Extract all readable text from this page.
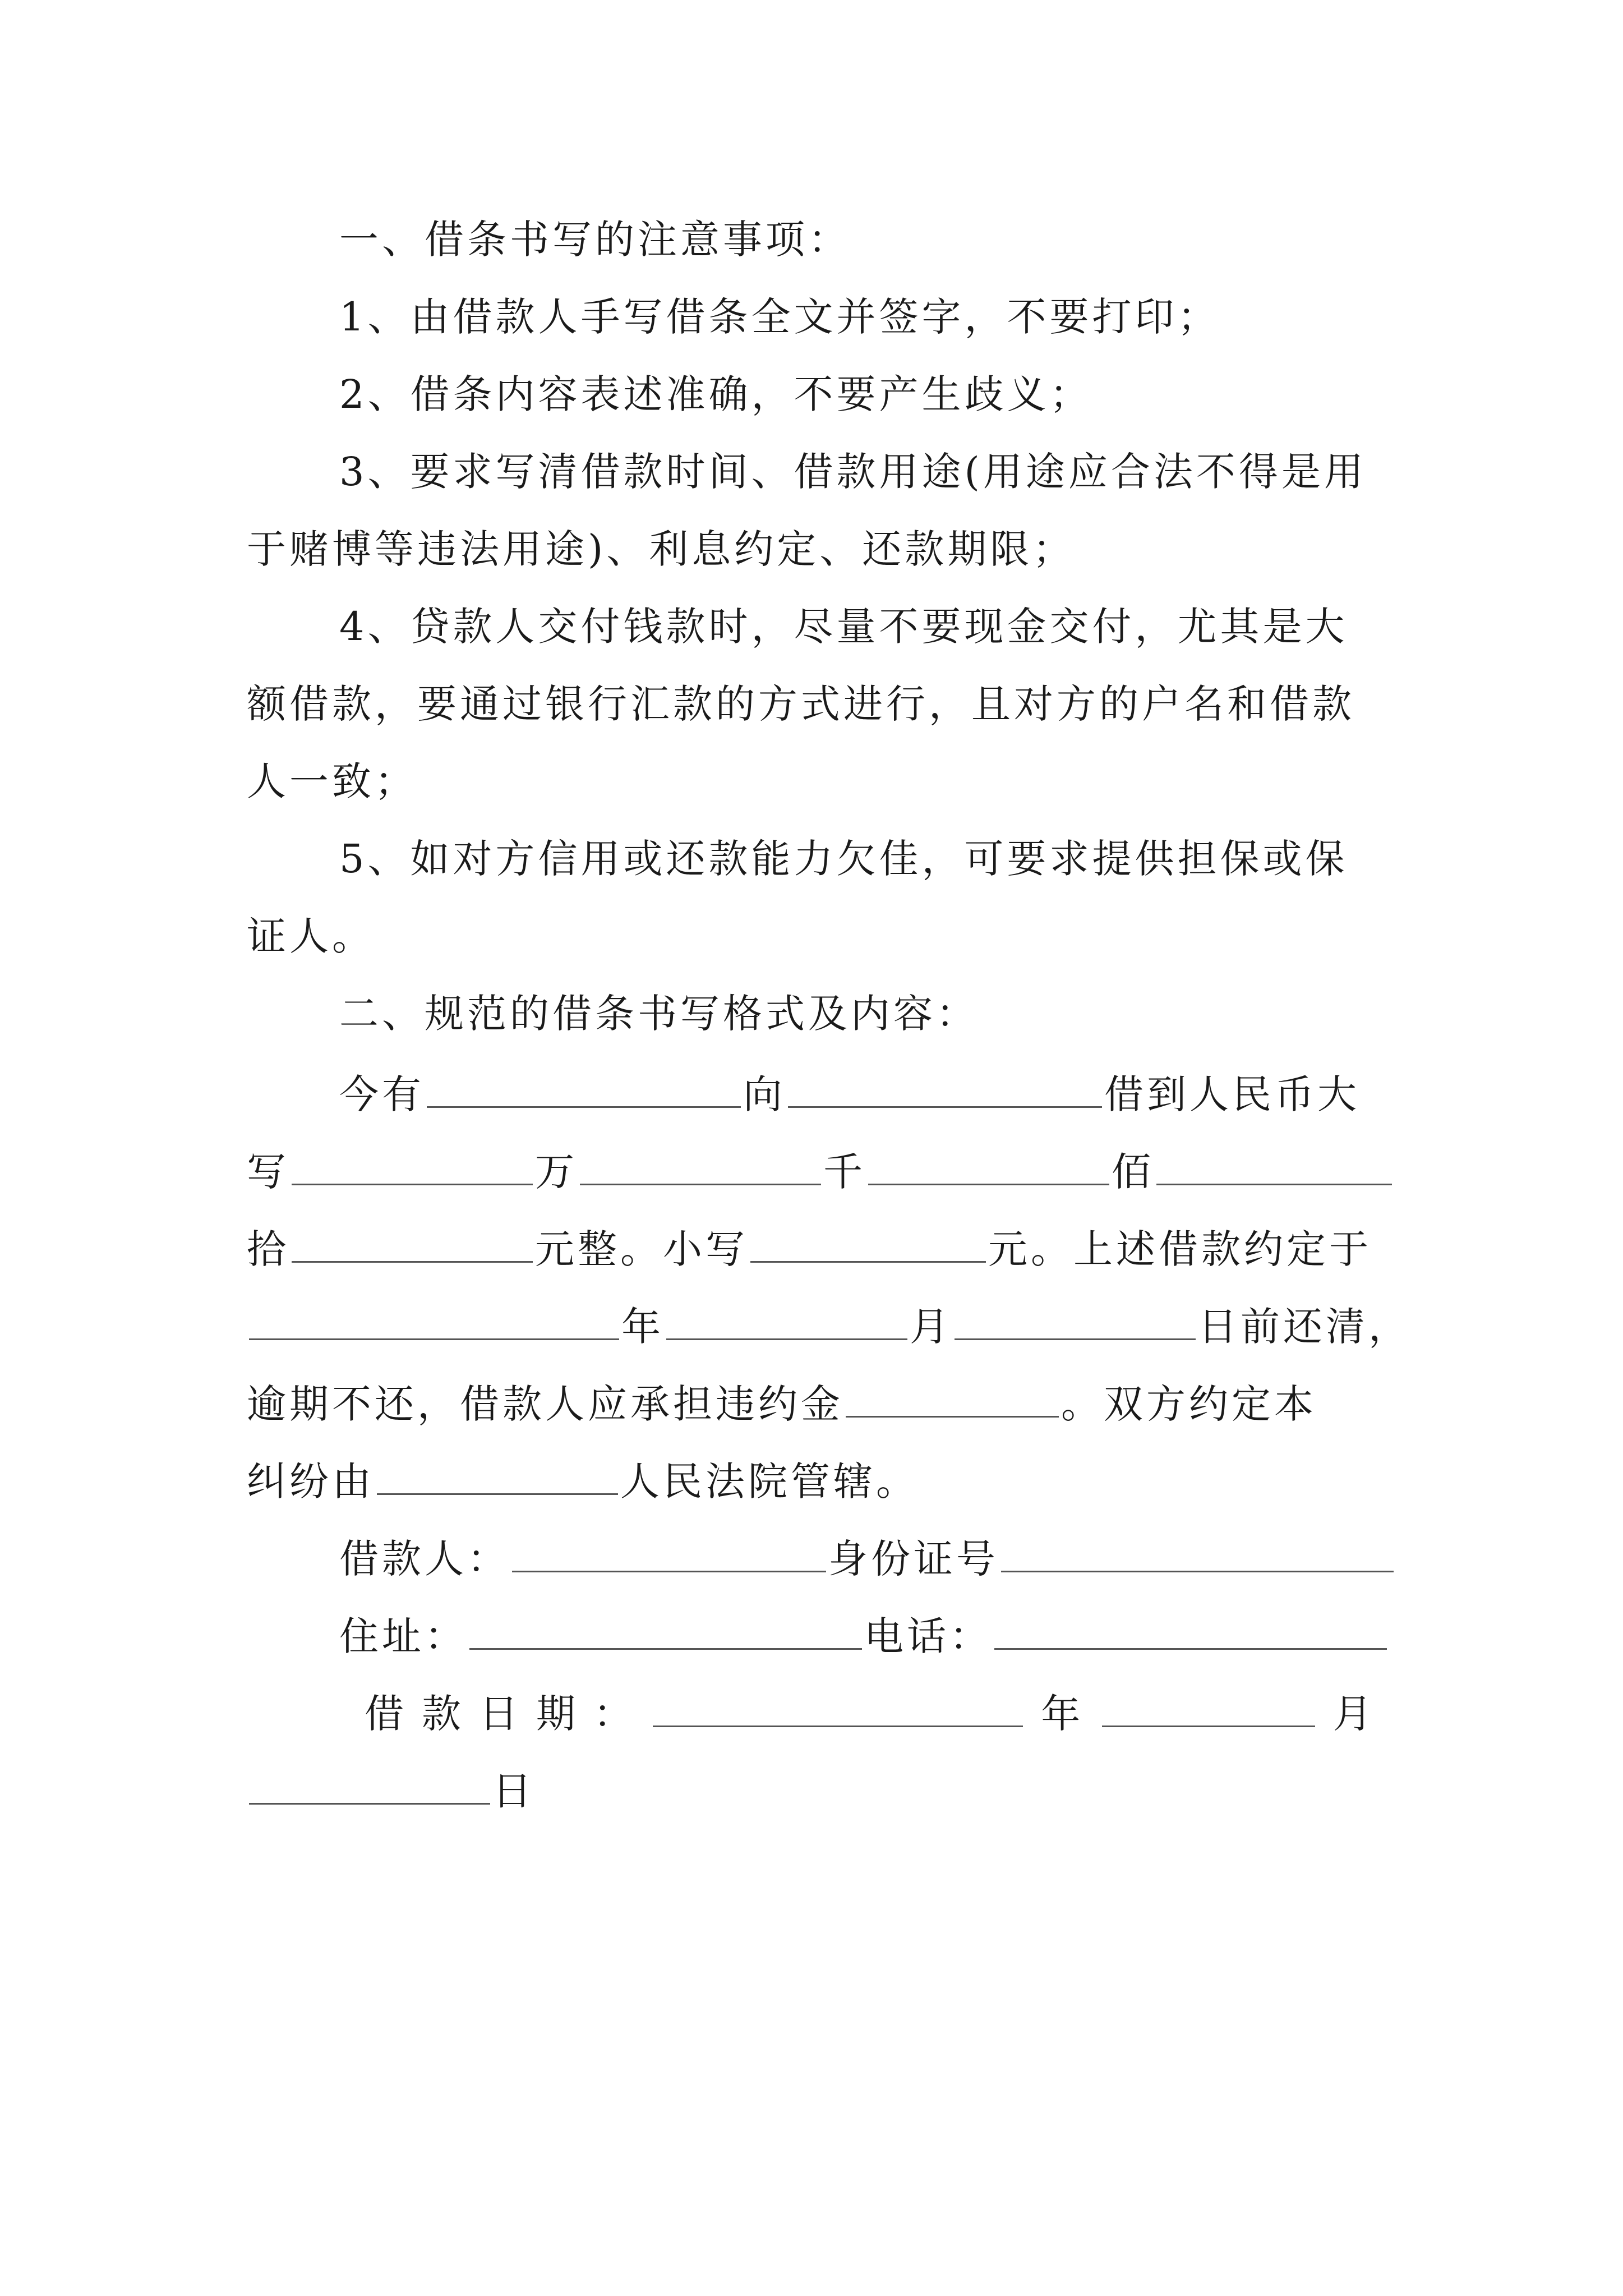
一、借条书写的注意事项：
1、由借款人手写借条全文并签字，不要打印；
2、借条内容表述准确，不要产生歧义；
3、要求写清借款时间、借款用途(用途应合法不得是用
于赌博等违法用途)、利息约定、还款期限；
4、贷款人交付钱款时，尽量不要现金交付，尤其是大
额借款，要通过银行汇款的方式进行，且对方的户名和借款
人一致；
5、如对方信用或还款能力欠佳，可要求提供担保或保
证人。
二、规范的借条书写格式及内容：
今有	向	借到人民币大
写	万	千	佰
拾	元整。小写	元。上述借款约定于
年	月	日前还清，
逾期不还，借款人应承担违约金	。双方约定本
纠纷由	人民法院管辖。
借款人：	身份证号
住址：	电话：
借款日期：	年	月
日
